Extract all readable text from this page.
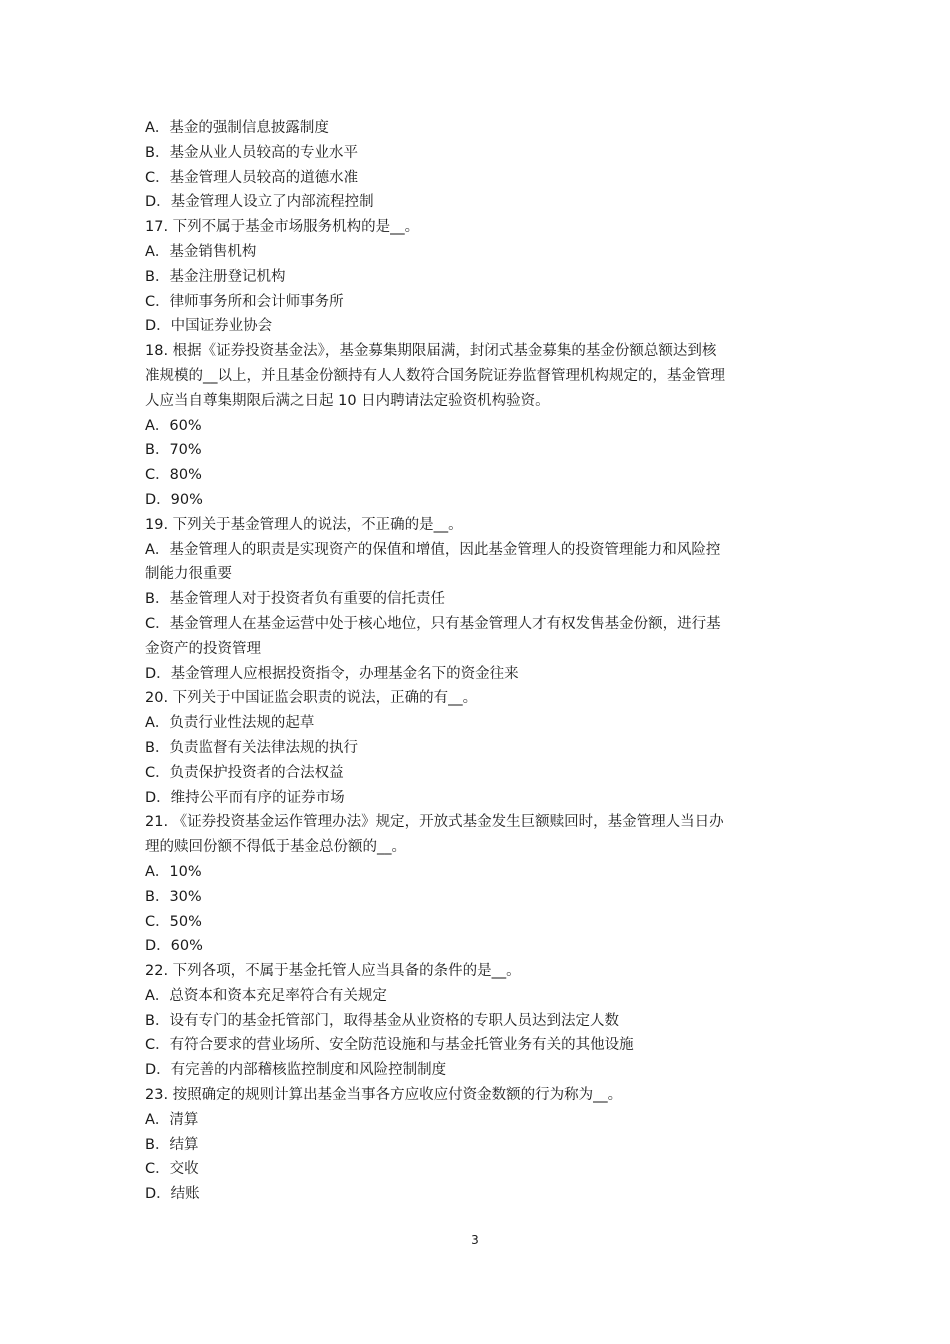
A．基金的强制信息披露制度

B．基金从业人员较高的专业水平

C．基金管理人员较高的道德水准

D．基金管理人设立了内部流程控制

17. 下列不属于基金市场服务机构的是__。

A．基金销售机构

B．基金注册登记机构

C．律师事务所和会计师事务所

D．中国证券业协会

18. 根据《证券投资基金法》，基金募集期限届满，封闭式基金募集的基金份额总额达到核

准规模的__以上，并且基金份额持有人人数符合国务院证券监督管理机构规定的，基金管理

人应当自尊集期限后满之日起 10 日内聘请法定验资机构验资。

A．60%

B．70%

C．80%

D．90%

19. 下列关于基金管理人的说法，不正确的是__。

A．基金管理人的职责是实现资产的保值和增值，因此基金管理人的投资管理能力和风险控

制能力很重要

B．基金管理人对于投资者负有重要的信托责任

C．基金管理人在基金运营中处于核心地位，只有基金管理人才有权发售基金份额，进行基

金资产的投资管理

D．基金管理人应根据投资指令，办理基金名下的资金往来

20. 下列关于中国证监会职责的说法，正确的有__。

A．负责行业性法规的起草

B．负责监督有关法律法规的执行

C．负责保护投资者的合法权益

D．维持公平而有序的证券市场

21. 《证券投资基金运作管理办法》规定，开放式基金发生巨额赎回时，基金管理人当日办

理的赎回份额不得低于基金总份额的__。

A．10%

B．30%

C．50%

D．60%

22. 下列各项，不属于基金托管人应当具备的条件的是__。

A．总资本和资本充足率符合有关规定

B．设有专门的基金托管部门，取得基金从业资格的专职人员达到法定人数

C．有符合要求的营业场所、安全防范设施和与基金托管业务有关的其他设施

D．有完善的内部稽核监控制度和风险控制制度

23. 按照确定的规则计算出基金当事各方应收应付资金数额的行为称为__。

A．清算

B．结算

C．交收

D．结账

3
